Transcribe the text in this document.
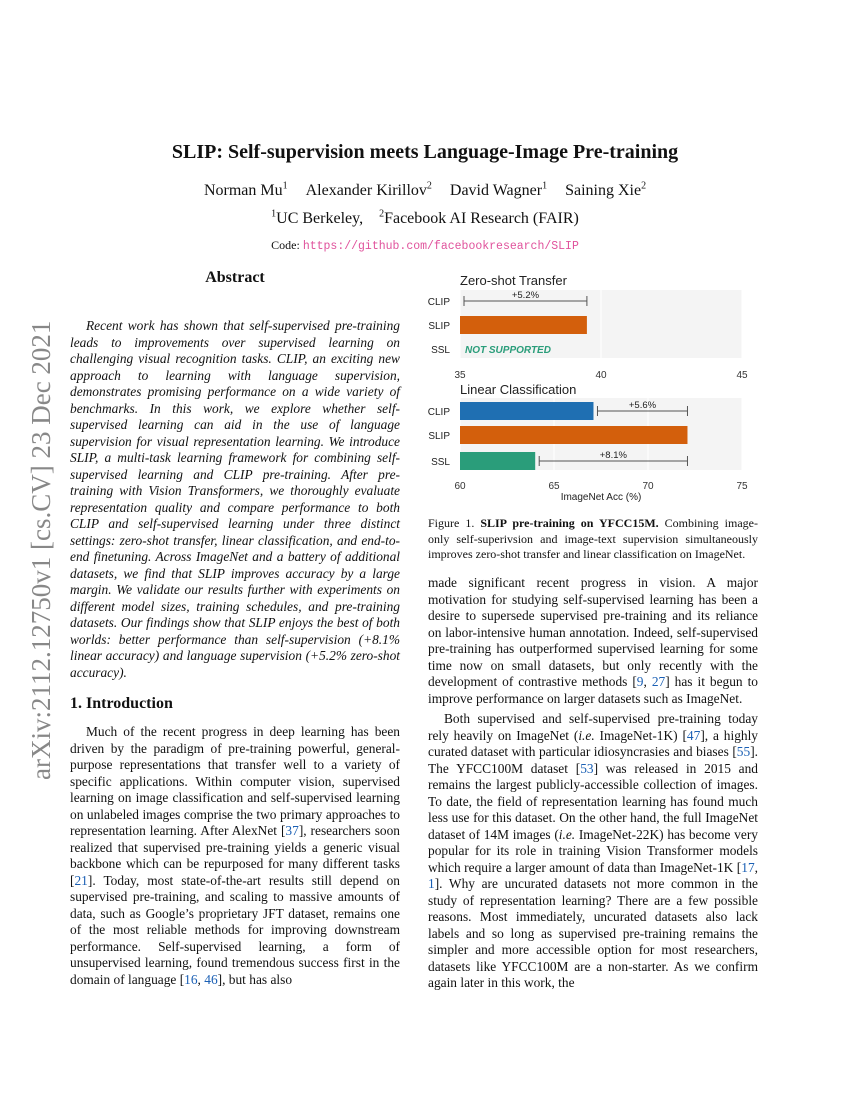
arXiv:2112.12750v1 [cs.CV] 23 Dec 2021
SLIP: Self-supervision meets Language-Image Pre-training
Norman Mu$^1$ Alexander Kirillov$^2$ David Wagner$^1$ Saining Xie$^2$
$^1$UC Berkeley, $^2$Facebook AI Research (FAIR)
Code: https://github.com/facebookresearch/SLIP
Abstract
Recent work has shown that self-supervised pre-training leads to improvements over supervised learning on challenging visual recognition tasks. CLIP, an exciting new approach to learning with language supervision, demonstrates promising performance on a wide variety of benchmarks. In this work, we explore whether self-supervised learning can aid in the use of language supervision for visual representation learning. We introduce SLIP, a multi-task learning framework for combining self-supervised learning and CLIP pre-training. After pre-training with Vision Transformers, we thoroughly evaluate representation quality and compare performance to both CLIP and self-supervised learning under three distinct settings: zero-shot transfer, linear classification, and end-to-end finetuning. Across ImageNet and a battery of additional datasets, we find that SLIP improves accuracy by a large margin. We validate our results further with experiments on different model sizes, training schedules, and pre-training datasets. Our findings show that SLIP enjoys the best of both worlds: better performance than self-supervision (+8.1% linear accuracy) and language supervision (+5.2% zero-shot accuracy).
1. Introduction
Much of the recent progress in deep learning has been driven by the paradigm of pre-training powerful, general-purpose representations that transfer well to a variety of specific applications. Within computer vision, supervised learning on image classification and self-supervised learning on unlabeled images comprise the two primary approaches to representation learning. After AlexNet [37], researchers soon realized that supervised pre-training yields a generic visual backbone which can be repurposed for many different tasks [21]. Today, most state-of-the-art results still depend on supervised pre-training, and scaling to massive amounts of data, such as Google’s proprietary JFT dataset, remains one of the most reliable methods for improving downstream performance. Self-supervised learning, a form of unsupervised learning, found tremendous success first in the domain of language [16, 46], but has also
35	40	45
Zero-shot Transfer
CLIP
SLIP
SSL NOT SUPPORTED
+5.2%
60	65	70	75
Linear Classification
CLIP
SLIP
SSL
+5.6%
+8.1%
ImageNet Acc (%)
Figure 1. SLIP pre-training on YFCC15M. Combining image-only self-superivsion and image-text supervision simultaneously improves zero-shot transfer and linear classification on ImageNet.

made significant recent progress in vision. A major motivation for studying self-supervised learning has been a desire to supersede supervised pre-training and its reliance on labor-intensive human annotation. Indeed, self-supervised pre-training has outperformed supervised learning for some time now on small datasets, but only recently with the development of contrastive methods [9, 27] has it begun to improve performance on larger datasets such as ImageNet.

Both supervised and self-supervised pre-training today rely heavily on ImageNet (i.e. ImageNet-1K) [47], a highly curated dataset with particular idiosyncrasies and biases [55]. The YFCC100M dataset [53] was released in 2015 and remains the largest publicly-accessible collection of images. To date, the field of representation learning has found much less use for this dataset. On the other hand, the full ImageNet dataset of 14M images (i.e. ImageNet-22K) has become very popular for its role in training Vision Transformer models which require a larger amount of data than ImageNet-1K [17, 1]. Why are uncurated datasets not more common in the study of representation learning? There are a few possible reasons. Most immediately, uncurated datasets also lack labels and so long as supervised pre-training remains the simpler and more accessible option for most researchers, datasets like YFCC100M are a non-starter. As we confirm again later in this work, the
